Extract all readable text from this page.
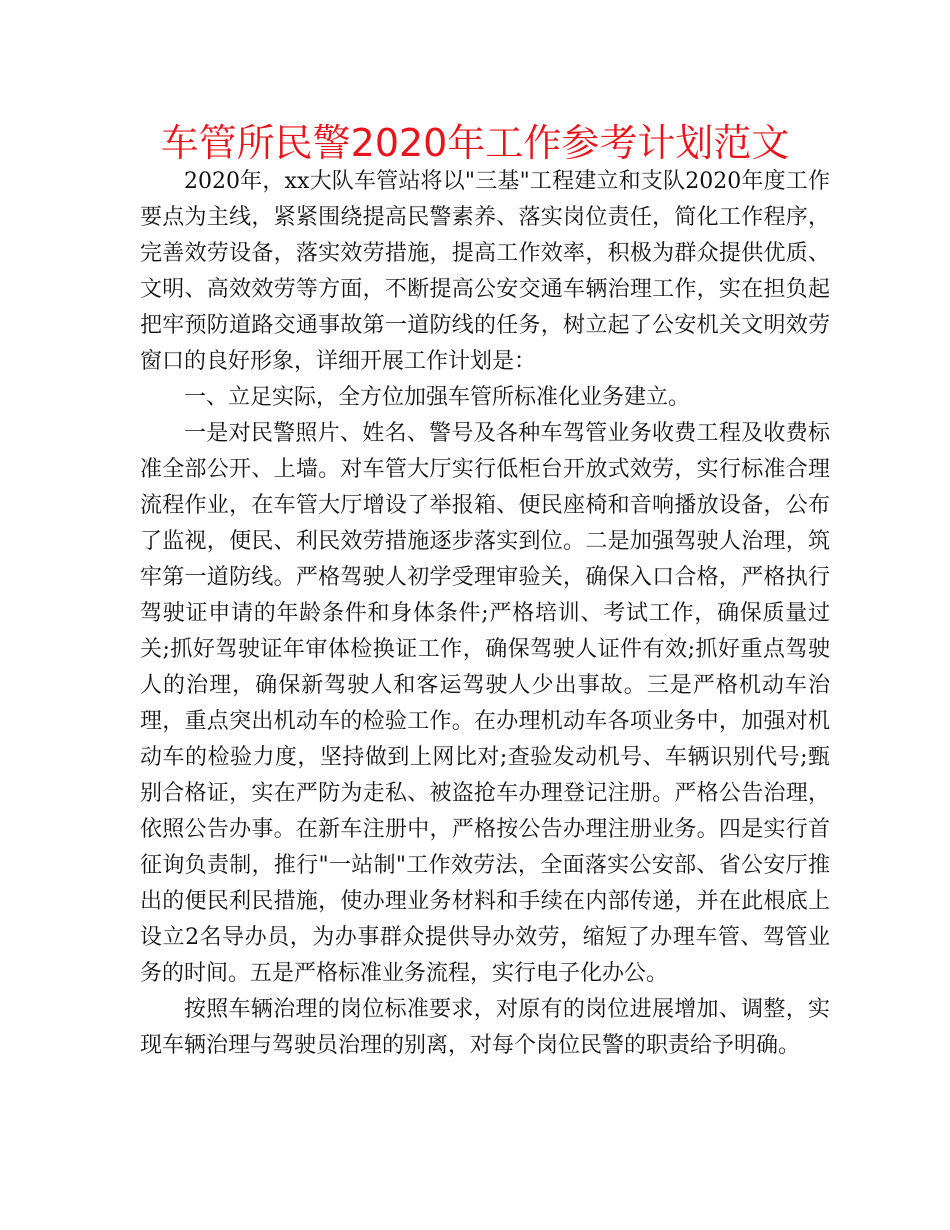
车管所民警2020年工作参考计划范文

2020年，xx大队车管站将以"三基"工程建立和支队2020年度工作要点为主线，紧紧围绕提高民警素养、落实岗位责任，简化工作程序，完善效劳设备，落实效劳措施，提高工作效率，积极为群众提供优质、文明、高效效劳等方面，不断提高公安交通车辆治理工作，实在担负起把牢预防道路交通事故第一道防线的任务，树立起了公安机关文明效劳窗口的良好形象，详细开展工作计划是：

一、立足实际，全方位加强车管所标准化业务建立。

一是对民警照片、姓名、警号及各种车驾管业务收费工程及收费标准全部公开、上墙。对车管大厅实行低柜台开放式效劳，实行标准合理流程作业，在车管大厅增设了举报箱、便民座椅和音响播放设备，公布了监视，便民、利民效劳措施逐步落实到位。二是加强驾驶人治理，筑牢第一道防线。严格驾驶人初学受理审验关，确保入口合格，严格执行驾驶证申请的年龄条件和身体条件;严格培训、考试工作，确保质量过关;抓好驾驶证年审体检换证工作，确保驾驶人证件有效;抓好重点驾驶人的治理，确保新驾驶人和客运驾驶人少出事故。三是严格机动车治理，重点突出机动车的检验工作。在办理机动车各项业务中，加强对机动车的检验力度，坚持做到上网比对;查验发动机号、车辆识别代号;甄别合格证，实在严防为走私、被盗抢车办理登记注册。严格公告治理，依照公告办事。在新车注册中，严格按公告办理注册业务。四是实行首征询负责制，推行"一站制"工作效劳法，全面落实公安部、省公安厅推出的便民利民措施，使办理业务材料和手续在内部传递，并在此根底上设立2名导办员，为办事群众提供导办效劳，缩短了办理车管、驾管业务的时间。五是严格标准业务流程，实行电子化办公。

按照车辆治理的岗位标准要求，对原有的岗位进展增加、调整，实现车辆治理与驾驶员治理的别离，对每个岗位民警的职责给予明确。
